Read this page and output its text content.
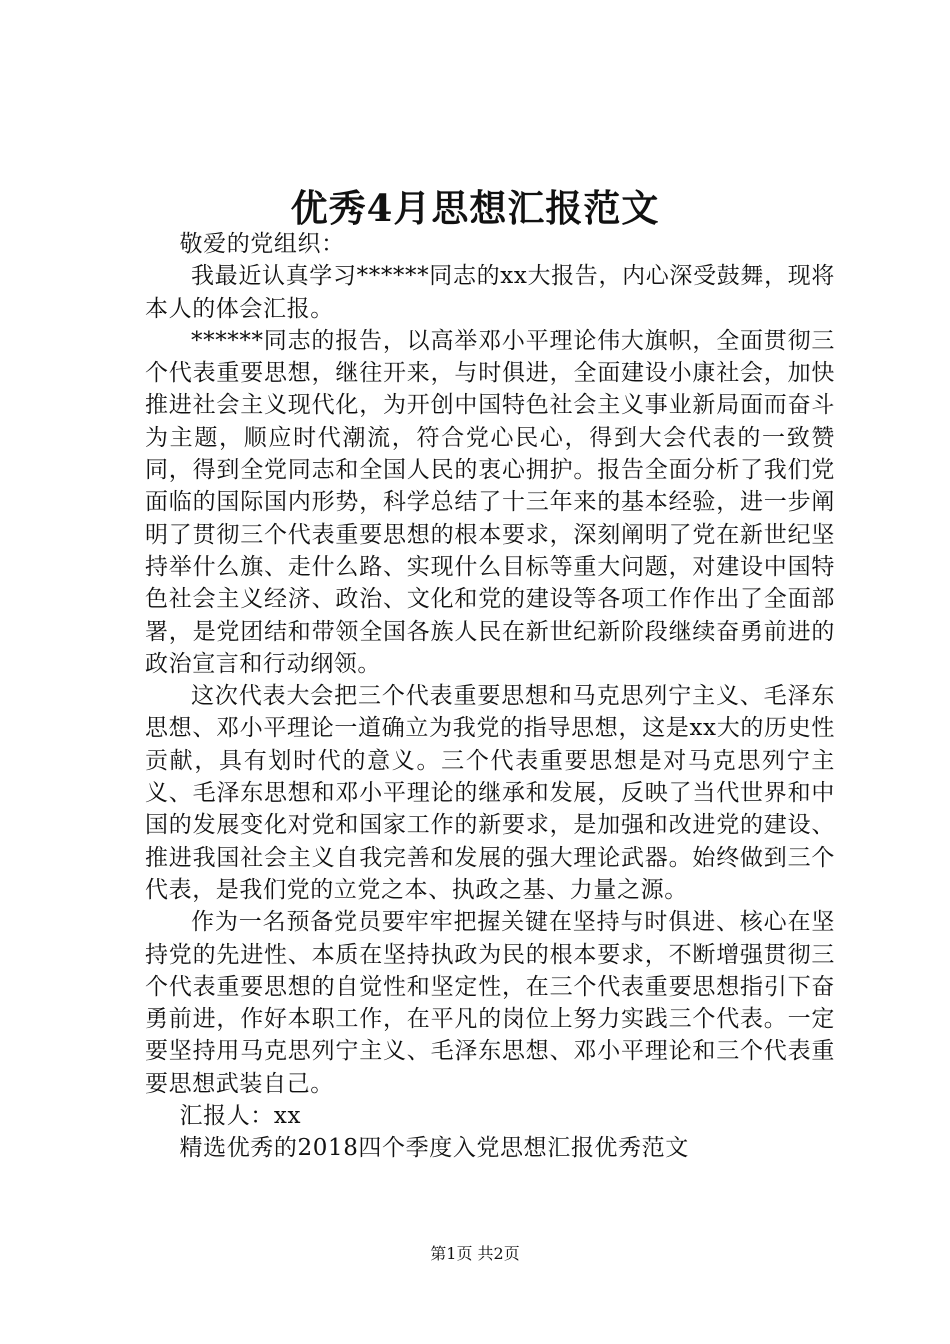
优秀4月思想汇报范文

敬爱的党组织：

我最近认真学习******同志的xx大报告，内心深受鼓舞，现将本人的体会汇报。

******同志的报告，以高举邓小平理论伟大旗帜，全面贯彻三个代表重要思想，继往开来，与时俱进，全面建设小康社会，加快推进社会主义现代化，为开创中国特色社会主义事业新局面而奋斗为主题，顺应时代潮流，符合党心民心，得到大会代表的一致赞同，得到全党同志和全国人民的衷心拥护。报告全面分析了我们党面临的国际国内形势，科学总结了十三年来的基本经验，进一步阐明了贯彻三个代表重要思想的根本要求，深刻阐明了党在新世纪坚持举什么旗、走什么路、实现什么目标等重大问题，对建设中国特色社会主义经济、政治、文化和党的建设等各项工作作出了全面部署，是党团结和带领全国各族人民在新世纪新阶段继续奋勇前进的政治宣言和行动纲领。

这次代表大会把三个代表重要思想和马克思列宁主义、毛泽东思想、邓小平理论一道确立为我党的指导思想，这是xx大的历史性贡献，具有划时代的意义。三个代表重要思想是对马克思列宁主义、毛泽东思想和邓小平理论的继承和发展，反映了当代世界和中国的发展变化对党和国家工作的新要求，是加强和改进党的建设、推进我国社会主义自我完善和发展的强大理论武器。始终做到三个代表，是我们党的立党之本、执政之基、力量之源。

作为一名预备党员要牢牢把握关键在坚持与时俱进、核心在坚持党的先进性、本质在坚持执政为民的根本要求，不断增强贯彻三个代表重要思想的自觉性和坚定性，在三个代表重要思想指引下奋勇前进，作好本职工作，在平凡的岗位上努力实践三个代表。一定要坚持用马克思列宁主义、毛泽东思想、邓小平理论和三个代表重要思想武装自己。

汇报人：xx

精选优秀的2018四个季度入党思想汇报优秀范文

第1页 共2页
